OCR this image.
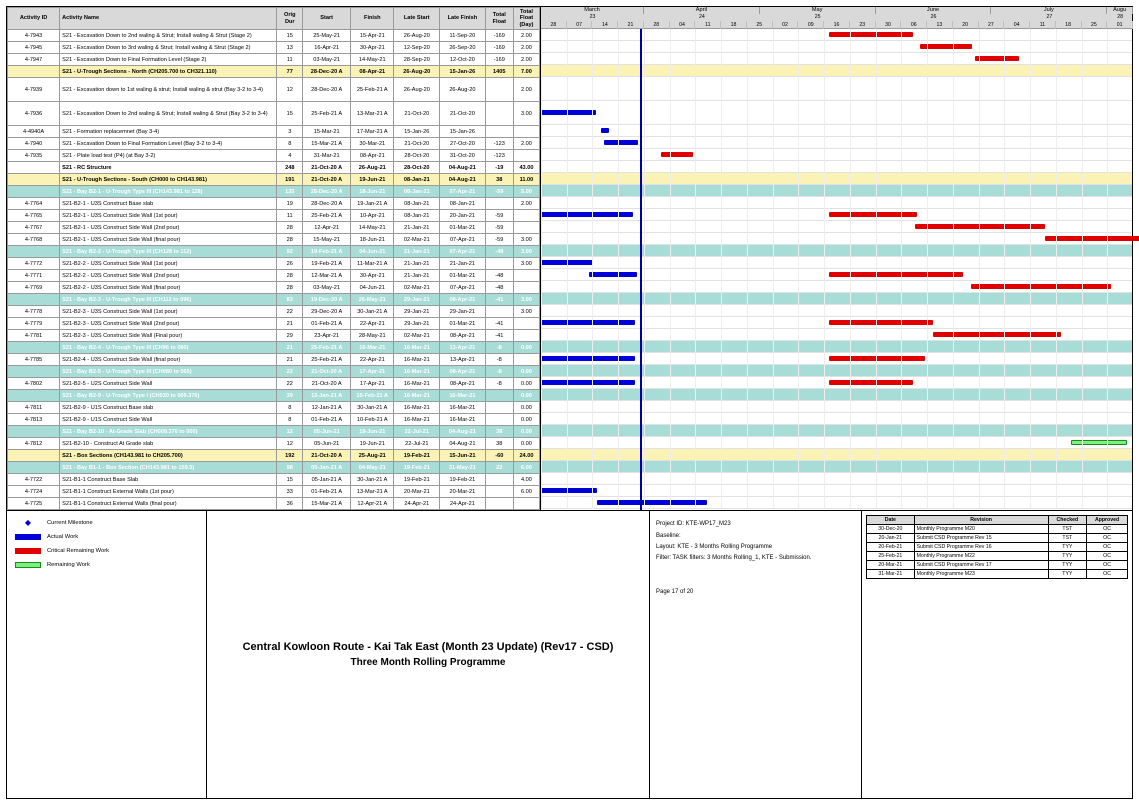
Activity ID	Activity Name	Orig Dur	Start	Finish	Late Start	Late Finish	Total Float	Total Float (Day)
4-7943	S21 - Excavation Down to 2nd waling & Strut; Install waling & Strut (Stage 2)	15	25-May-21	15-Apr-21	26-Aug-20	11-Sep-20	-169	2.00
4-7945	S21 - Excavation Down to 3rd waling & Strut; Install waling & Strut (Stage 2)	13	16-Apr-21	30-Apr-21	12-Sep-20	26-Sep-20	-169	2.00
4-7947	S21 - Excavation Down to Final Formation Level (Stage 2)	11	03-May-21	14-May-21	28-Sep-20	12-Oct-20	-169	2.00
	S21 - U-Trough Sections - North (CH205.700 to CH321.110)	77	28-Dec-20 A	08-Apr-21	26-Aug-20	15-Jan-26	1405	7.00
4-7939	S21 - Excavation down to 1st waling & strut; Install waling & strut (Bay 3-2 to 3-4)	12	28-Dec-20 A	25-Feb-21 A	26-Aug-20	26-Aug-20		2.00
4-7936	S21 - Excavation Down to 2nd waling & Strut; Install waling & Strut (Bay 3-2 to 3-4)	15	25-Feb-21 A	13-Mar-21 A	21-Oct-20	21-Oct-20		3.00
4-4940A	S21 - Formation replacemnet (Bay 3-4)	3	15-Mar-21	17-Mar-21 A	15-Jan-26	15-Jan-26		
4-7940	S21 - Excavation Down to Final Formation Level (Bay 3-2 to 3-4)	8	15-Mar-21 A	30-Mar-21	21-Oct-20	27-Oct-20	-123	2.00
4-7935	S21 - Plate load test (P4) (at Bay 3-2)	4	31-Mar-21	08-Apr-21	28-Oct-20	31-Oct-20	-123	
	S21 - RC Structure	248	21-Oct-20 A	26-Aug-21	28-Oct-20	04-Aug-21	-19	43.00
	S21 - U-Trough Sections - South (CH000 to CH143.981)	191	21-Oct-20 A	19-Jun-21	08-Jan-21	04-Aug-21	38	11.00
	S21 - Bay B2-1 - U-Trough Type III (CH143.981 to 128)	135	28-Dec-20 A	18-Jun-21	08-Jan-21	07-Apr-21	-59	5.00
4-7764	S21-B2-1 - U3S Construct Base slab	19	28-Dec-20 A	19-Jan-21 A	08-Jan-21	08-Jan-21		2.00
4-7765	S21-B2-1 - U3S Construct Side Wall (1st pour)	11	25-Feb-21 A	10-Apr-21	08-Jan-21	20-Jan-21	-59	
4-7767	S21-B2-1 - U3S Construct Side Wall (2nd pour)	28	12-Apr-21	14-May-21	21-Jan-21	01-Mar-21	-59	
4-7768	S21-B2-1 - U3S Construct Side Wall (final pour)	28	15-May-21	18-Jun-21	02-Mar-21	07-Apr-21	-59	3.00
	S21 - Bay B2-2 - U-Trough Type III (CH128 to 112)	92	19-Feb-21 A	04-Jun-21	21-Jan-21	07-Apr-21	-48	3.00
4-7772	S21-B2-2 - U3S Construct Side Wall (1st pour)	26	19-Feb-21 A	11-Mar-21 A	21-Jan-21	21-Jan-21		3.00
4-7771	S21-B2-2 - U3S Construct Side Wall (2nd pour)	28	12-Mar-21 A	30-Apr-21	21-Jan-21	01-Mar-21	-48	
4-7769	S21-B2-2 - U3S Construct Side Wall (final pour)	28	03-May-21	04-Jun-21	02-Mar-21	07-Apr-21	-48	
	S21 - Bay B2-3 - U-Trough Type III (CH112 to 096)	83	19-Dec-20 A	26-May-21	29-Jan-21	08-Apr-21	-41	3.00
4-7778	S21-B2-3 - U3S Construct Side Wall (1st pour)	22	29-Dec-20 A	30-Jan-21 A	29-Jan-21	29-Jan-21		3.00
4-7779	S21-B2-3 - U3S Construct Side Wall (2nd pour)	21	01-Feb-21 A	22-Apr-21	29-Jan-21	01-Mar-21	-41	
4-7781	S21-B2-3 - U3S Construct Side Wall (Final pour)	29	23-Apr-21	28-May-21	02-Mar-21	08-Apr-21	-41	
	S21 - Bay B2-4 - U-Trough Type III (CH96 to 080)	21	25-Feb-21 A	16-Mar-21	16-Mar-21	13-Apr-21	-8	0.00
4-7785	S21-B2-4 - U3S Construct Side Wall (final pour)	21	25-Feb-21 A	22-Apr-21	16-Mar-21	13-Apr-21	-8	
	S21 - Bay B2-5 - U-Trough Type III (CH080 to 065)	22	21-Oct-20 A	17-Apr-21	16-Mar-21	08-Apr-21	-8	0.00
4-7802	S21-B2-5 - U2S Construct Side Wall	22	21-Oct-20 A	17-Apr-21	16-Mar-21	08-Apr-21	-8	0.00
	S21 - Bay B2-9 - U-Trough Type I (CH020 to 009.376)	39	12-Jan-21 A	10-Feb-21 A	16-Mar-21	16-Mar-21		0.00
4-7811	S21-B2-9 - U1S Construct Base slab	8	12-Jan-21 A	30-Jan-21 A	16-Mar-21	16-Mar-21		0.00
4-7813	S21-B2-9 - U1S Construct Side Wall	8	01-Feb-21 A	10-Feb-21 A	16-Mar-21	16-Mar-21		0.00
	S21 - Bay B2-10 - At-Grade Slab (CH009.376 to 000)	12	05-Jun-21	19-Jun-21	22-Jul-21	04-Aug-21	38	0.00
4-7812	S21-B2-10 - Construct At Grade slab	12	05-Jun-21	19-Jun-21	22-Jul-21	04-Aug-21	38	0.00
	S21 - Box Sections (CH143.981 to CH205.700)	192	21-Oct-20 A	25-Aug-21	19-Feb-21	15-Jun-21	-60	24.00
	S21 - Bay B1-1 - Box Section (CH143.981 to 159.5)	98	05-Jan-21 A	04-May-21	19-Feb-21	31-May-21	22	6.00
4-7722	S21-B1-1 Construct Base Slab	15	05-Jan-21 A	30-Jan-21 A	19-Feb-21	19-Feb-21		4.00
4-7724	S21-B1-1 Construct External Walls (1st pour)	33	01-Feb-21 A	13-Mar-21 A	20-Mar-21	20-Mar-21		6.00
4-7725	S21-B1-1 Construct External Walls (final pour)	36	15-Mar-21 A	12-Apr-21 A	24-Apr-21	24-Apr-21		
March	April	May	June	July	Augu
23	24	25	26	27	28
28	07	14	21	28	04	11	18	25	02	09	16	23	30	06	13	20	27	04	11	18	25	01
◆	Current Milestone
Actual Work
Critical Remaining Work
Remaining Work
Central Kowloon Route - Kai Tak East (Month 23 Update) (Rev17 - CSD)
Three Month Rolling Programme
Project ID: KTE-WP17_M23
Baseline:
Layout: KTE - 3 Months Rolling Programme
Filter: TASK filters: 3 Months Rolling_1, KTE - Submission.
Page 17 of 20
Date	Revision	Checked	Approved
30-Dec-20	Monthly Programme M20	TST	OC
20-Jan-21	Submit CSD Programme Rev 15	TST	OC
20-Feb-21	Submit CSD Programme Rev 16	TYY	OC
25-Feb-21	Monthly Programme M22	TYY	OC
20-Mar-21	Submit CSD Programme Rev 17	TYY	OC
31-Mar-21	Monthly Programme M23	TYY	OC
